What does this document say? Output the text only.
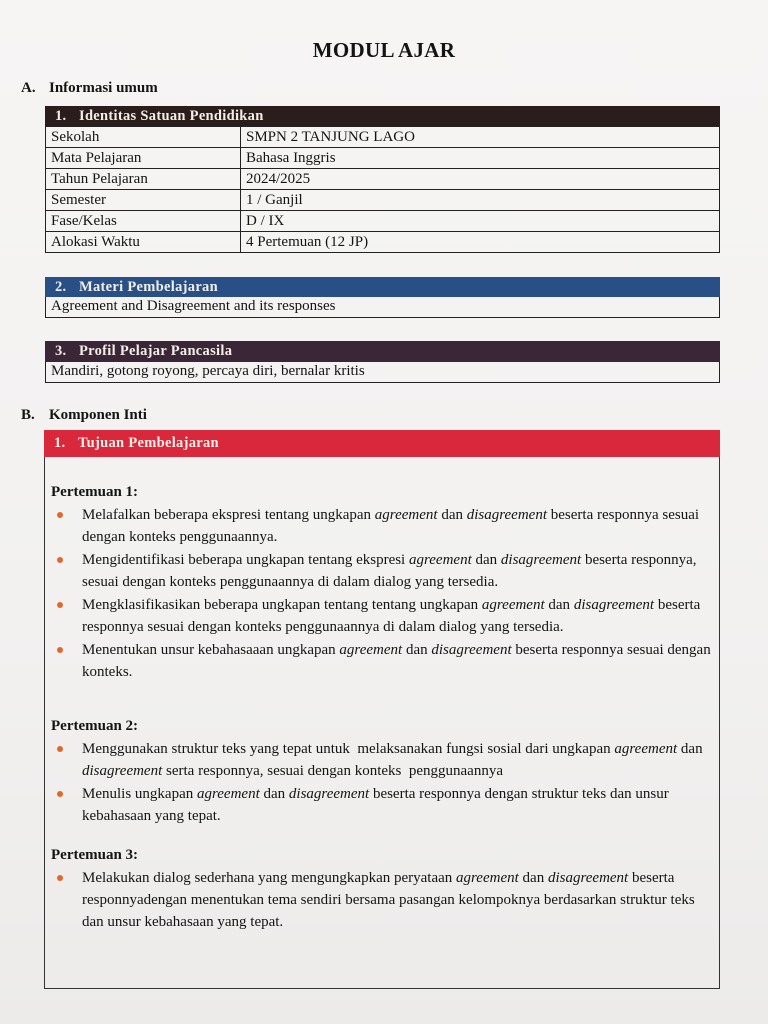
MODUL AJAR
A. Informasi umum
1. Identitas Satuan Pendidikan
Sekolah	SMPN 2 TANJUNG LAGO
Mata Pelajaran	Bahasa Inggris
Tahun Pelajaran	2024/2025
Semester	1 / Ganjil
Fase/Kelas	D / IX
Alokasi Waktu	4 Pertemuan (12 JP)
2. Materi Pembelajaran
Agreement and Disagreement and its responses
3. Profil Pelajar Pancasila
Mandiri, gotong royong, percaya diri, bernalar kritis
B. Komponen Inti
1. Tujuan Pembelajaran
Pertemuan 1:
Melafalkan beberapa ekspresi tentang ungkapan agreement dan disagreement beserta responnya sesuai dengan konteks penggunaannya.
Mengidentifikasi beberapa ungkapan tentang ekspresi agreement dan disagreement beserta responnya, sesuai dengan konteks penggunaannya di dalam dialog yang tersedia.
Mengklasifikasikan beberapa ungkapan tentang tentang ungkapan agreement dan disagreement beserta responnya sesuai dengan konteks penggunaannya di dalam dialog yang tersedia.
Menentukan unsur kebahasaaan ungkapan agreement dan disagreement beserta responnya sesuai dengan konteks.
Pertemuan 2:
Menggunakan struktur teks yang tepat untuk  melaksanakan fungsi sosial dari ungkapan agreement dan disagreement serta responnya, sesuai dengan konteks  penggunaannya
Menulis ungkapan agreement dan disagreement beserta responnya dengan struktur teks dan unsur kebahasaan yang tepat.
Pertemuan 3:
Melakukan dialog sederhana yang mengungkapkan peryataan agreement dan disagreement beserta responnyadengan menentukan tema sendiri bersama pasangan kelompoknya berdasarkan struktur teks dan unsur kebahasaan yang tepat.
